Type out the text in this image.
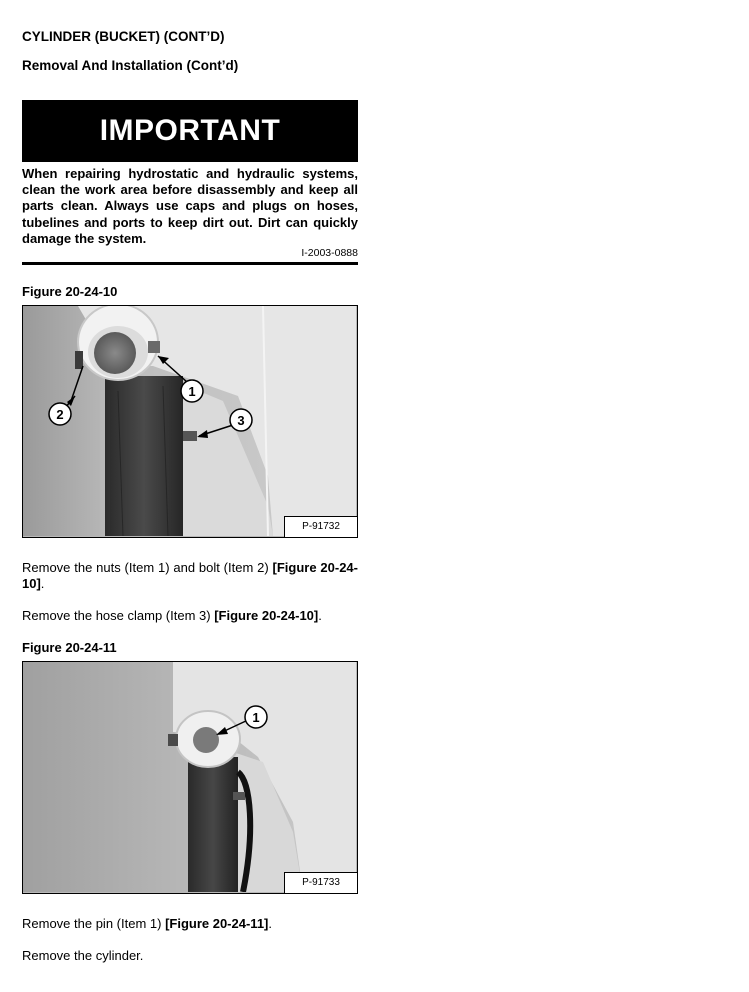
CYLINDER (BUCKET) (CONT’D)
Removal And Installation (Cont’d)
IMPORTANT
When repairing hydrostatic and hydraulic systems, clean the work area before disassembly and keep all parts clean. Always use caps and plugs on hoses, tubelines and ports to keep dirt out. Dirt can quickly damage the system.
I-2003-0888
Figure 20-24-10
1
2	3
P-91732
Remove the nuts (Item 1) and bolt (Item 2) [Figure 20-24-10].
Remove the hose clamp (Item 3) [Figure 20-24-10].
Figure 20-24-11
1
P-91733
Remove the pin (Item 1) [Figure 20-24-11].
Remove the cylinder.
